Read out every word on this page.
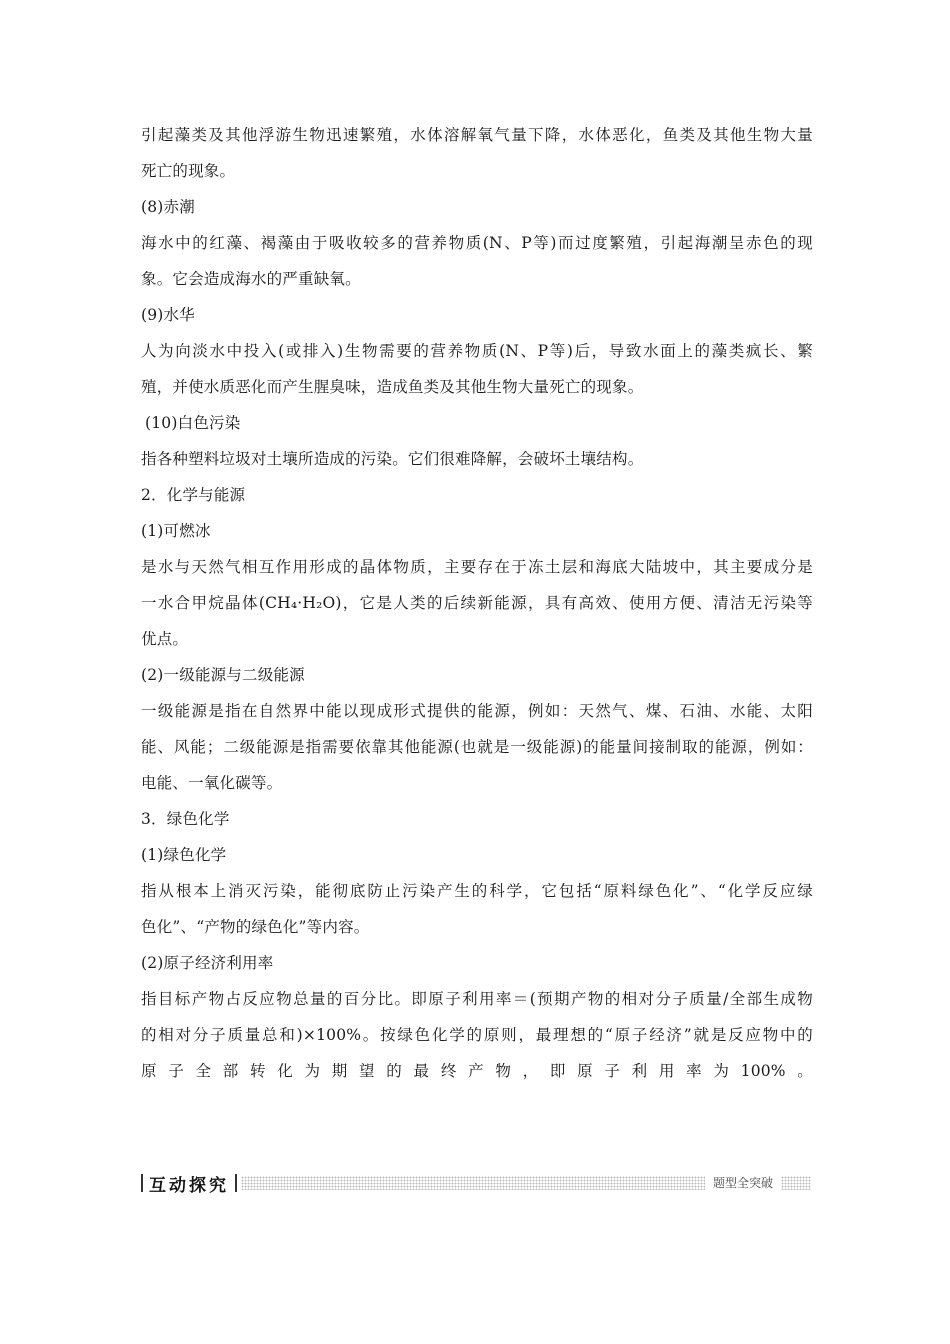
引起藻类及其他浮游生物迅速繁殖，水体溶解氧气量下降，水体恶化，鱼类及其他生物大量
死亡的现象。
(8)赤潮
海水中的红藻、褐藻由于吸收较多的营养物质(N、P等)而过度繁殖，引起海潮呈赤色的现
象。它会造成海水的严重缺氧。
(9)水华
人为向淡水中投入(或排入)生物需要的营养物质(N、P等)后，导致水面上的藻类疯长、繁
殖，并使水质恶化而产生腥臭味，造成鱼类及其他生物大量死亡的现象。
(10)白色污染
指各种塑料垃圾对土壤所造成的污染。它们很难降解，会破坏土壤结构。
2．化学与能源
(1)可燃冰
是水与天然气相互作用形成的晶体物质，主要存在于冻土层和海底大陆坡中，其主要成分是
一水合甲烷晶体(CH₄·H₂O)，它是人类的后续新能源，具有高效、使用方便、清洁无污染等
优点。
(2)一级能源与二级能源
一级能源是指在自然界中能以现成形式提供的能源，例如：天然气、煤、石油、水能、太阳
能、风能；二级能源是指需要依靠其他能源(也就是一级能源)的能量间接制取的能源，例如：
电能、一氧化碳等。
3．绿色化学
(1)绿色化学
指从根本上消灭污染，能彻底防止污染产生的科学，它包括“原料绿色化”、“化学反应绿
色化”、“产物的绿色化”等内容。
(2)原子经济利用率
指目标产物占反应物总量的百分比。即原子利用率＝(预期产物的相对分子质量/全部生成物
的相对分子质量总和)×100%。按绿色化学的原则，最理想的“原子经济”就是反应物中的
原子全部转化为期望的最终产物，即原子利用率为100%。
互动探究	题型全突破
